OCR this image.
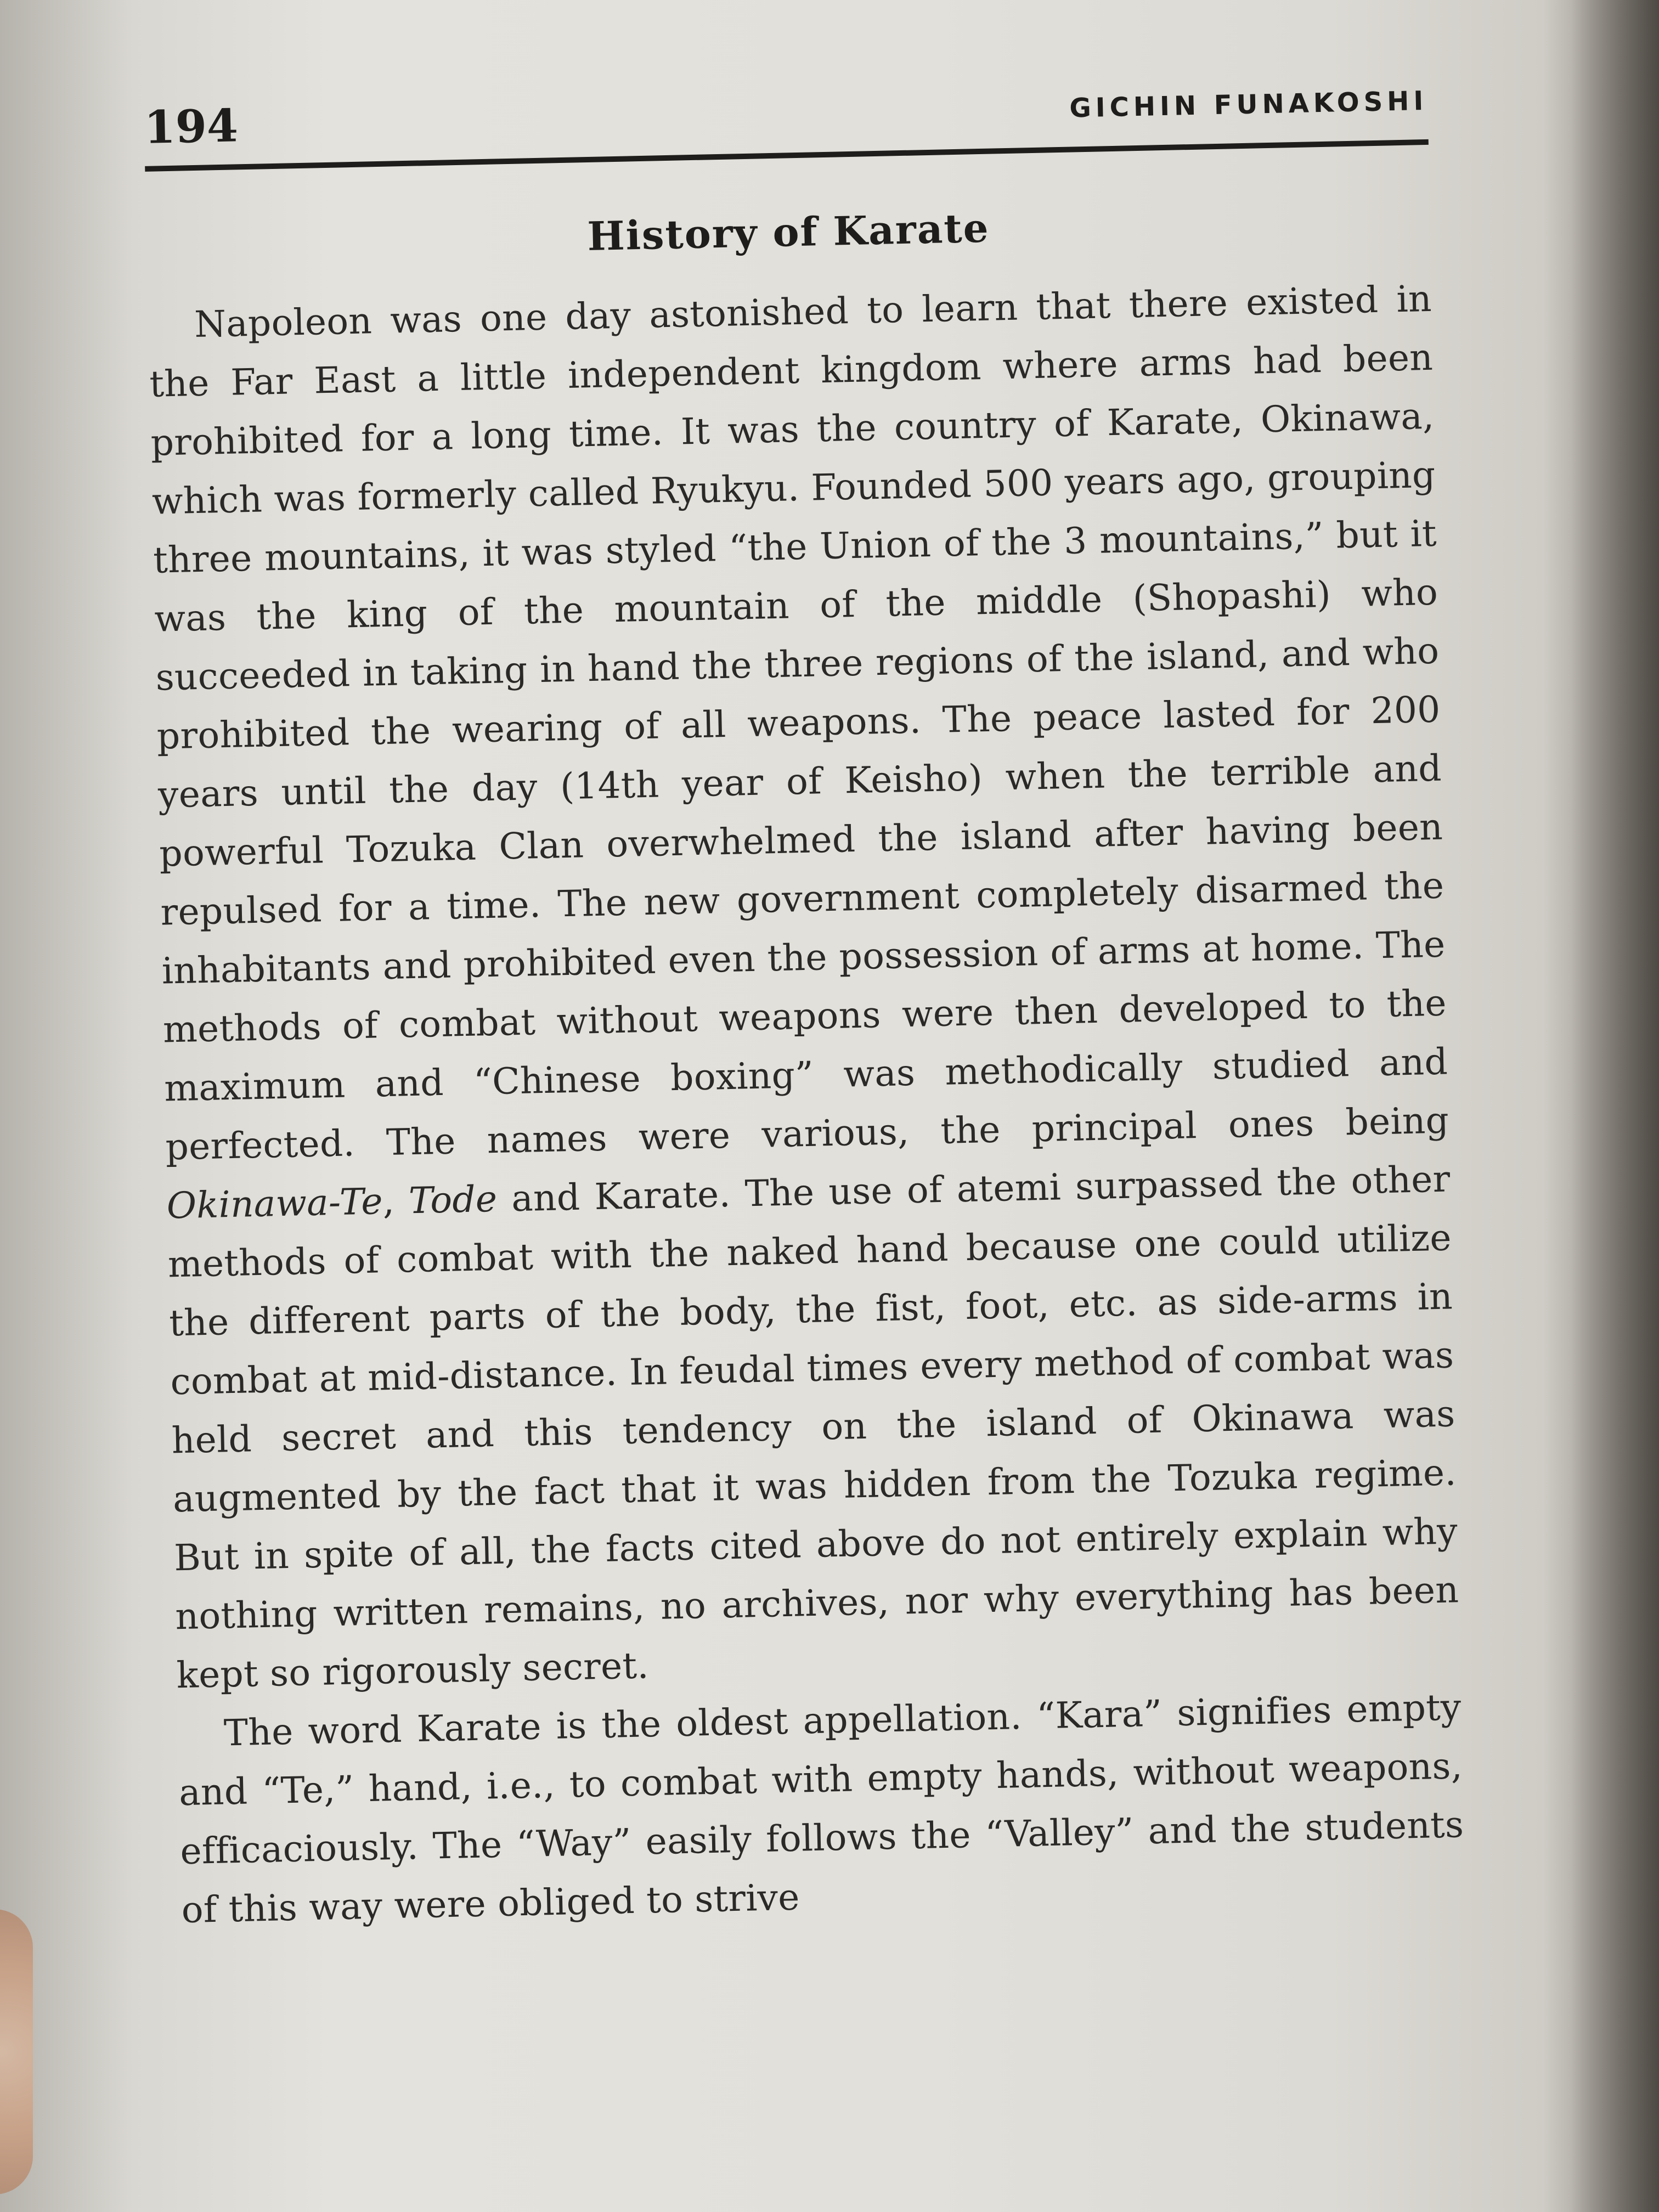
194	GICHIN FUNAKOSHI
History of Karate

Napoleon was one day astonished to learn that there existed in the Far East a little independent kingdom where arms had been prohibited for a long time. It was the country of Karate, Okinawa, which was formerly called Ryukyu. Founded 500 years ago, grouping three mountains, it was styled “the Union of the 3 mountains,” but it was the king of the mountain of the middle (Shopashi) who succeeded in taking in hand the three regions of the island, and who prohibited the wearing of all weapons. The peace lasted for 200 years until the day (14th year of Keisho) when the terrible and powerful Tozuka Clan overwhelmed the island after having been repulsed for a time. The new government completely disarmed the inhabitants and prohibited even the possession of arms at home. The methods of combat without weapons were then developed to the maximum and “Chinese boxing” was methodically studied and perfected. The names were various, the principal ones being Okinawa-Te, Tode and Karate. The use of atemi surpassed the other methods of combat with the naked hand because one could utilize the different parts of the body, the fist, foot, etc. as side-arms in combat at mid-distance. In feudal times every method of combat was held secret and this tendency on the island of Okinawa was augmented by the fact that it was hidden from the Tozuka regime. But in spite of all, the facts cited above do not entirely explain why nothing written remains, no archives, nor why everything has been kept so rigorously secret.

The word Karate is the oldest appellation. “Kara” signifies empty and “Te,” hand, i.e., to combat with empty hands, without weapons, efficaciously. The “Way” easily follows the “Valley” and the students of this way were obliged to strive
